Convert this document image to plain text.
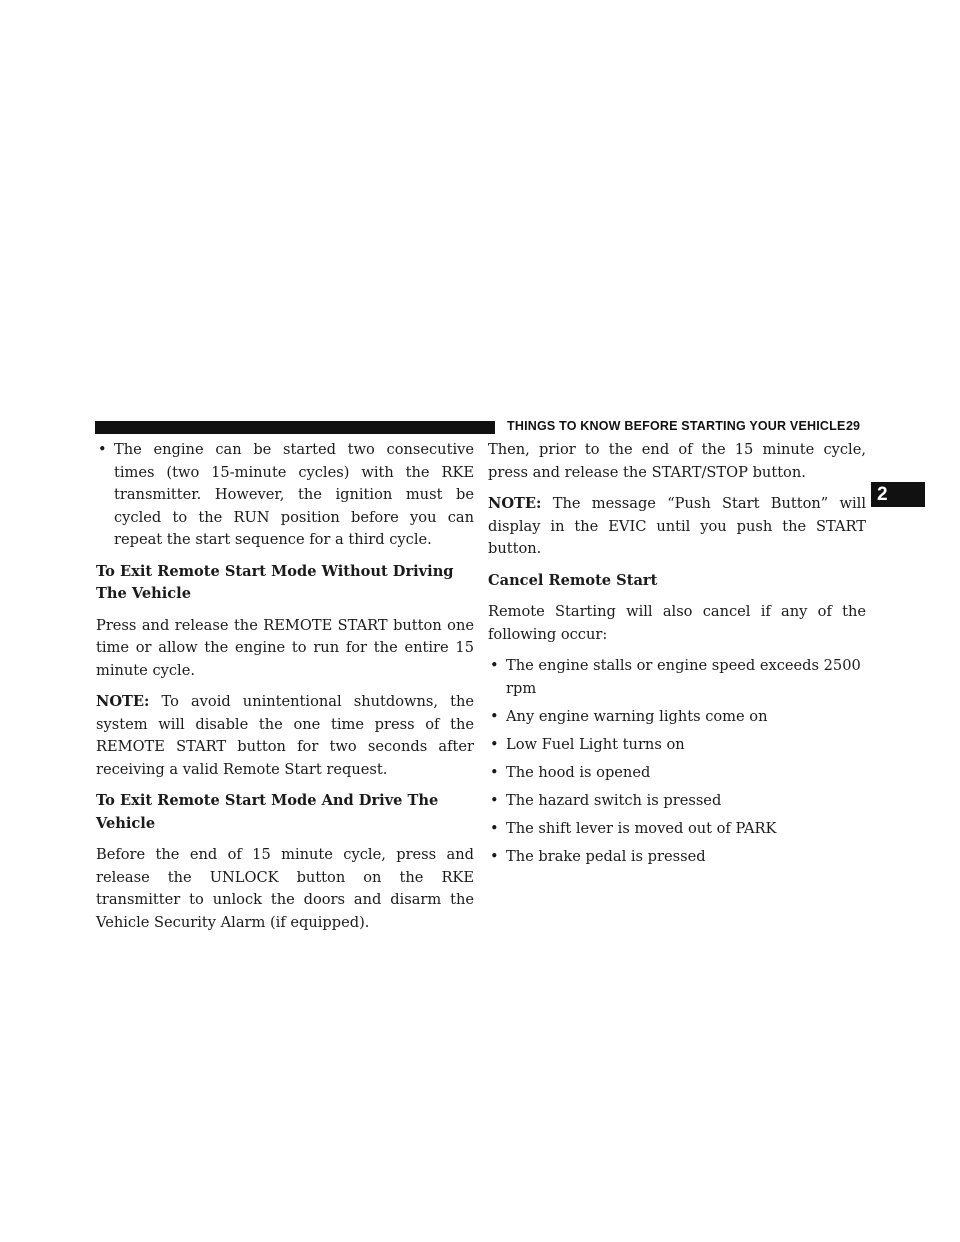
THINGS TO KNOW BEFORE STARTING YOUR VEHICLE 29
2
• The engine can be started two consecutive times (two 15-minute cycles) with the RKE transmitter. However, the ignition must be cycled to the RUN position before you can repeat the start sequence for a third cycle.
To Exit Remote Start Mode Without Driving The Vehicle

Press and release the REMOTE START button one time or allow the engine to run for the entire 15 minute cycle.

NOTE: To avoid unintentional shutdowns, the system will disable the one time press of the REMOTE START button for two seconds after receiving a valid Remote Start request.

To Exit Remote Start Mode And Drive The Vehicle

Before the end of 15 minute cycle, press and release the UNLOCK button on the RKE transmitter to unlock the doors and disarm the Vehicle Security Alarm (if equipped).

Then, prior to the end of the 15 minute cycle, press and release the START/STOP button.

NOTE: The message “Push Start Button” will display in the EVIC until you push the START button.

Cancel Remote Start

Remote Starting will also cancel if any of the following occur:

• The engine stalls or engine speed exceeds 2500 rpm
• Any engine warning lights come on
• Low Fuel Light turns on
• The hood is opened
• The hazard switch is pressed
• The shift lever is moved out of PARK
• The brake pedal is pressed
